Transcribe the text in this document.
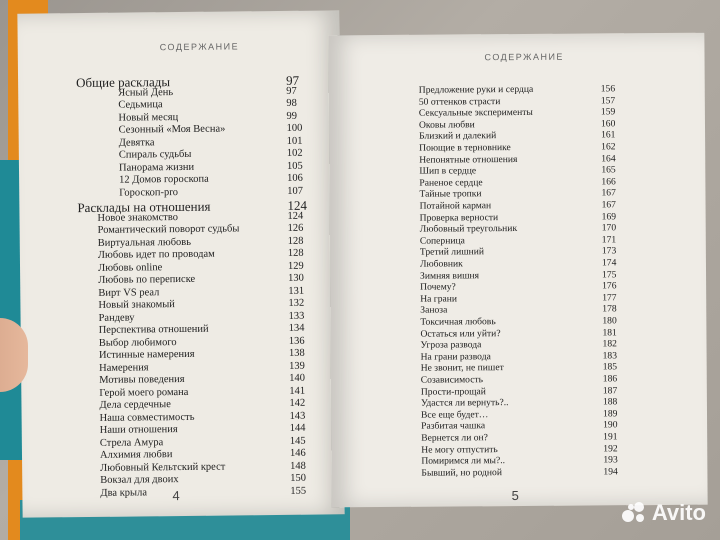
СОДЕРЖАНИЕ
Общие расклады	97
Ясный День	97
Седьмица	98
Новый месяц	99
Сезонный «Моя Весна»	100
Девятка	101
Спираль судьбы	102
Панорама жизни	105
12 Домов гороскопа	106
Гороскоп-pro	107
Расклады на отношения	124
Новое знакомство	124
Романтический поворот судьбы	126
Виртуальная любовь	128
Любовь идет по проводам	128
Любовь online	129
Любовь по переписке	130
Вирт VS реал	131
Новый знакомый	132
Рандеву	133
Перспектива отношений	134
Выбор любимого	136
Истинные намерения	138
Намерения	139
Мотивы поведения	140
Герой моего романа	141
Дела сердечные	142
Наша совместимость	143
Наши отношения	144
Стрела Амура	145
Алхимия любви	146
Любовный Кельтский крест	148
Вокзал для двоих	150
Два крыла	155
4
СОДЕРЖАНИЕ
Предложение руки и сердца	156
50 оттенков страсти	157
Сексуальные эксперименты	159
Оковы любви	160
Близкий и далекий	161
Поющие в терновнике	162
Непонятные отношения	164
Шип в сердце	165
Раненое сердце	166
Тайные тропки	167
Потайной карман	167
Проверка верности	169
Любовный треугольник	170
Соперница	171
Третий лишний	173
Любовник	174
Зимняя вишня	175
Почему?	176
На грани	177
Заноза	178
Токсичная любовь	180
Остаться или уйти?	181
Угроза развода	182
На грани развода	183
Не звонит, не пишет	185
Созависимость	186
Прости-прощай	187
Удастся ли вернуть?..	188
Все еще будет…	189
Разбитая чашка	190
Вернется ли он?	191
Не могу отпустить	192
Помиримся ли мы?..	193
Бывший, но родной	194
5
Avito
